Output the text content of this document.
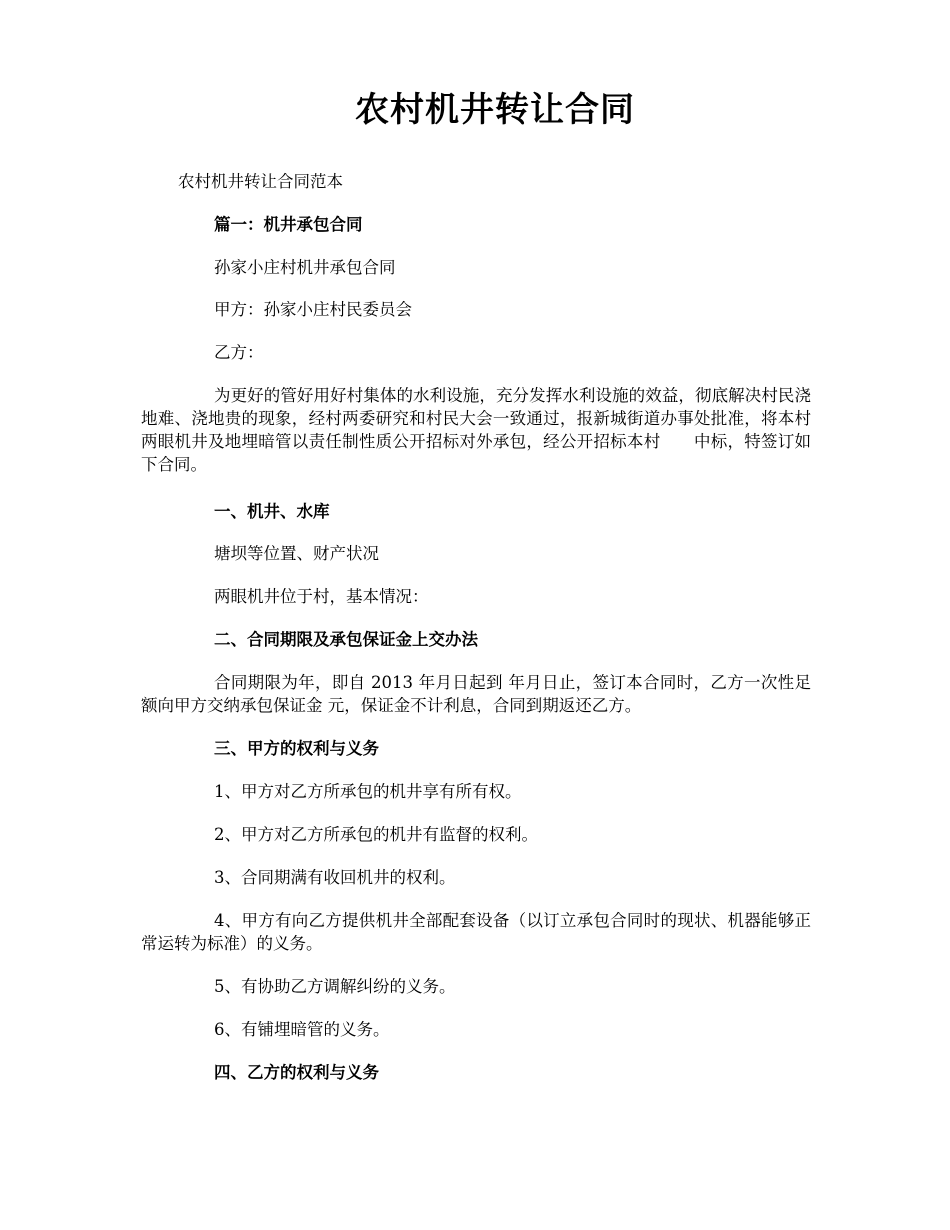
农村机井转让合同

农村机井转让合同范本

篇一：机井承包合同

孙家小庄村机井承包合同

甲方：孙家小庄村民委员会

乙方：

为更好的管好用好村集体的水利设施，充分发挥水利设施的效益，彻底解决村民浇地难、浇地贵的现象，经村两委研究和村民大会一致通过，报新城街道办事处批准，将本村两眼机井及地埋暗管以责任制性质公开招标对外承包，经公开招标本村　　中标，特签订如下合同。

一、机井、水库

塘坝等位置、财产状况

两眼机井位于村，基本情况：

二、合同期限及承包保证金上交办法

合同期限为年，即自 2013 年月日起到 年月日止，签订本合同时，乙方一次性足额向甲方交纳承包保证金 元，保证金不计利息，合同到期返还乙方。

三、甲方的权利与义务

1、甲方对乙方所承包的机井享有所有权。

2、甲方对乙方所承包的机井有监督的权利。

3、合同期满有收回机井的权利。

4、甲方有向乙方提供机井全部配套设备（以订立承包合同时的现状、机器能够正常运转为标准）的义务。

5、有协助乙方调解纠纷的义务。

6、有铺埋暗管的义务。

四、乙方的权利与义务
